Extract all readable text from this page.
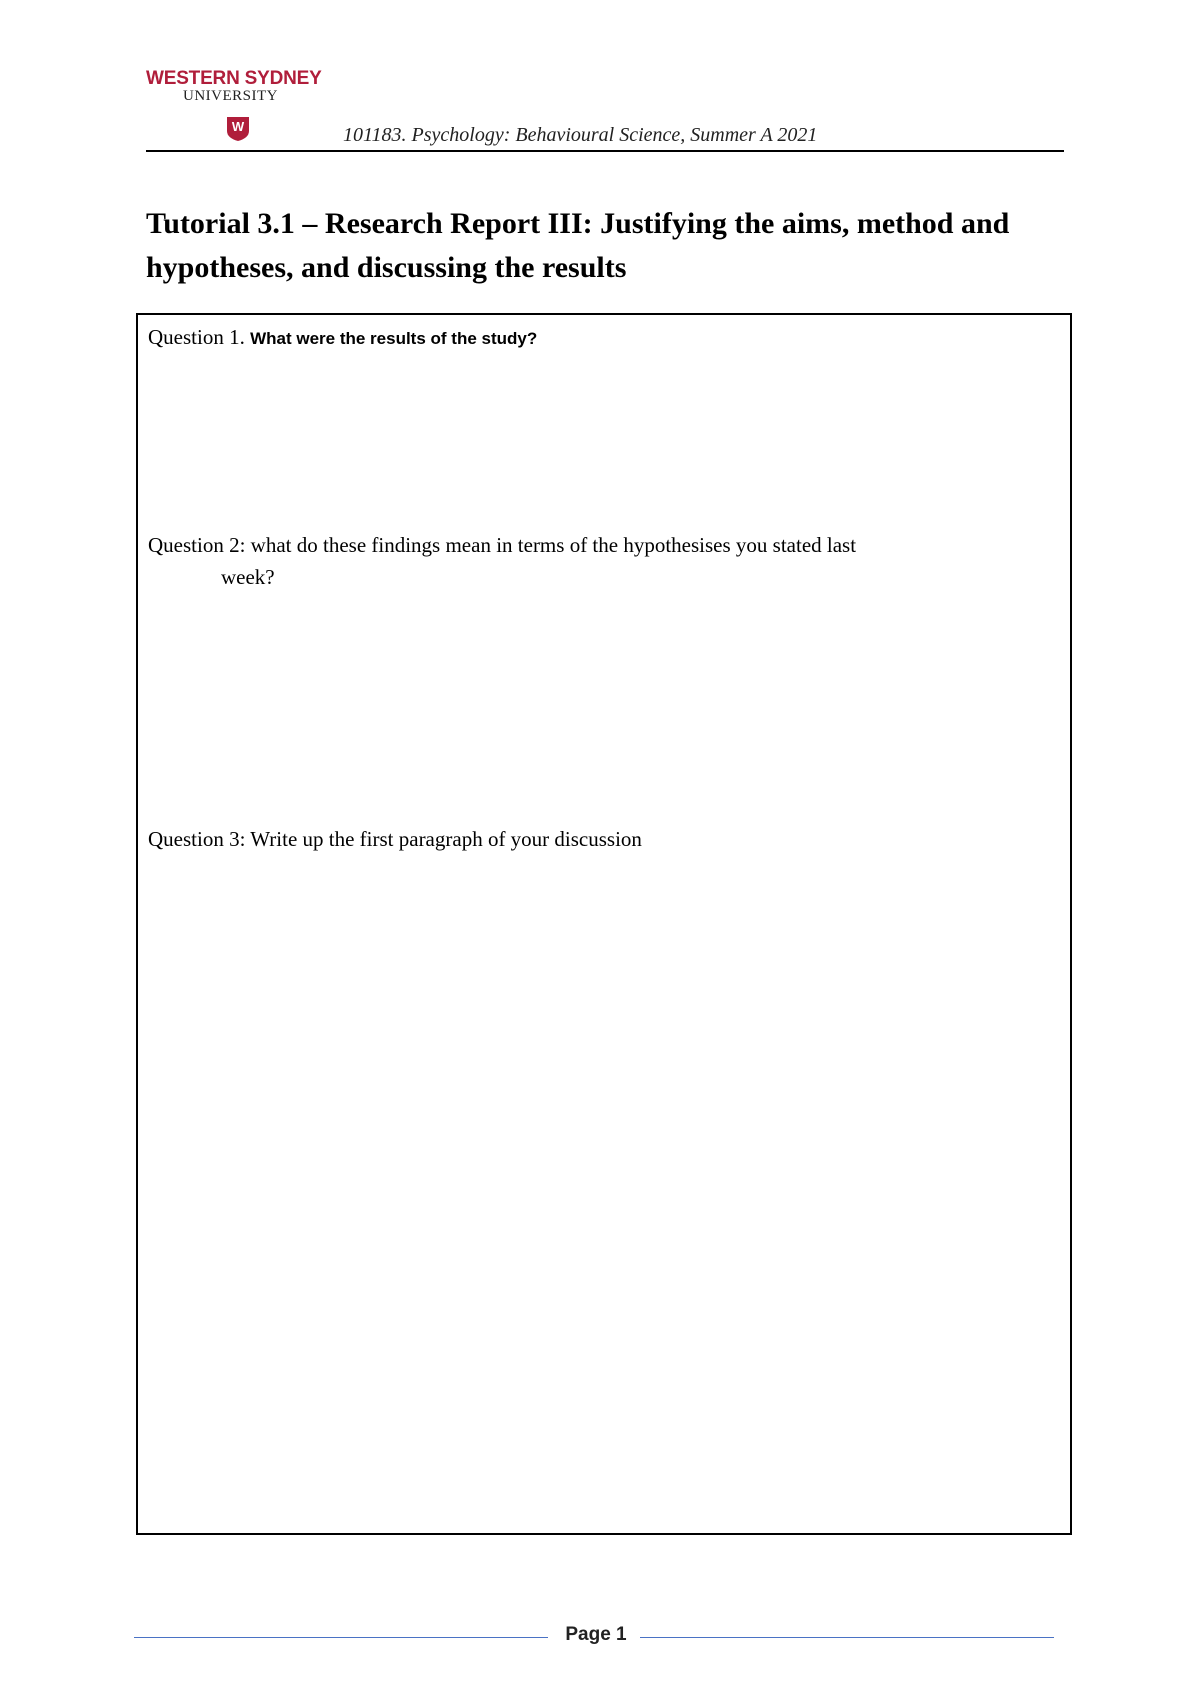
WESTERN SYDNEY
UNIVERSITY
W	101183. Psychology: Behavioural Science, Summer A 2021
Tutorial 3.1 – Research Report III: Justifying the aims, method and hypotheses, and discussing the results
Question 1. What were the results of the study?
Question 2: what do these findings mean in terms of the hypothesises you stated last
week?
Question 3: Write up the first paragraph of your discussion
Page 1
